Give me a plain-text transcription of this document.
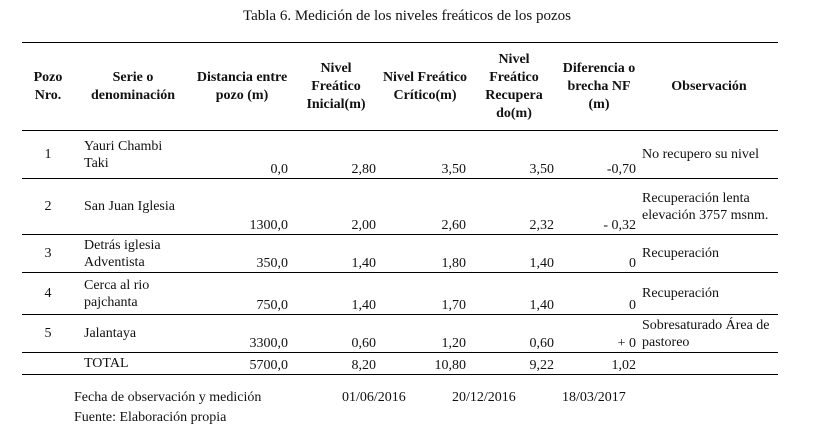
Tabla 6. Medición de los niveles freáticos de los pozos
Pozo Nro.	Serie o denominación	Distancia entre pozo (m)	Nivel Freático Inicial(m)	Nivel Freático Crítico(m)	Nivel Freático Recupera do(m)	Diferencia o brecha NF (m)	Observación
1	Yauri Chambi Taki	0,0	2,80	3,50	3,50	-0,70	No recupero su nivel
2	San Juan Iglesia	1300,0	2,00	2,60	2,32	- 0,32	Recuperación lenta elevación 3757 msnm.
3	Detrás iglesia Adventista	350,0	1,40	1,80	1,40	0	Recuperación
4	Cerca al rio pajchanta	750,0	1,40	1,70	1,40	0	Recuperación
5	Jalantaya	3300,0	0,60	1,20	0,60	+ 0	Sobresaturado Área de pastoreo
	TOTAL	5700,0	8,20	10,80	9,22	1,02	
Fecha de observación y medición	01/06/2016	20/12/2016	18/03/2017
Fuente: Elaboración propia
